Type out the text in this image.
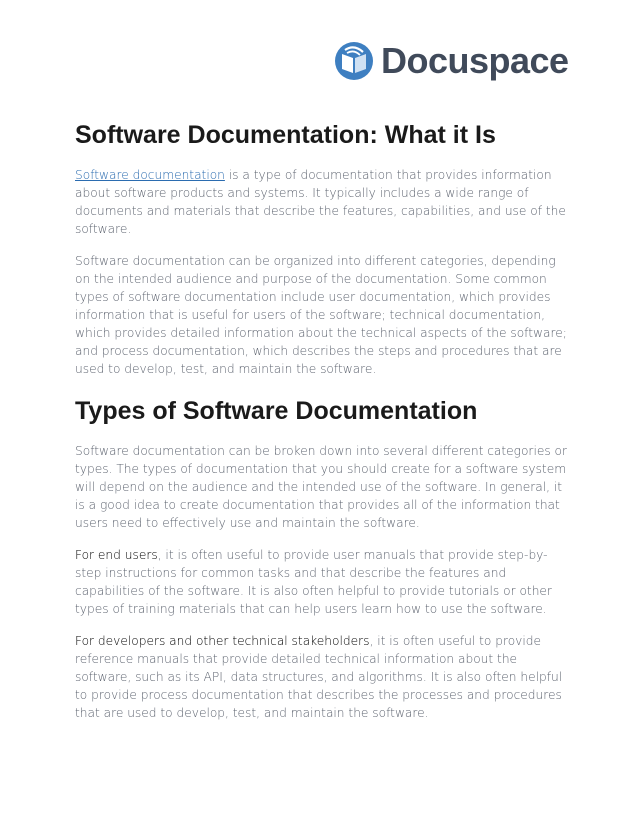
Docuspace
Software Documentation: What it Is

Software documentation is a type of documentation that provides information about software products and systems. It typically includes a wide range of documents and materials that describe the features, capabilities, and use of the software.

Software documentation can be organized into different categories, depending on the intended audience and purpose of the documentation. Some common types of software documentation include user documentation, which provides information that is useful for users of the software; technical documentation, which provides detailed information about the technical aspects of the software; and process documentation, which describes the steps and procedures that are used to develop, test, and maintain the software.

Types of Software Documentation

Software documentation can be broken down into several different categories or types. The types of documentation that you should create for a software system will depend on the audience and the intended use of the software. In general, it is a good idea to create documentation that provides all of the information that users need to effectively use and maintain the software.

For end users, it is often useful to provide user manuals that provide step-by-step instructions for common tasks and that describe the features and capabilities of the software. It is also often helpful to provide tutorials or other types of training materials that can help users learn how to use the software.

For developers and other technical stakeholders, it is often useful to provide reference manuals that provide detailed technical information about the software, such as its API, data structures, and algorithms. It is also often helpful to provide process documentation that describes the processes and procedures that are used to develop, test, and maintain the software.
